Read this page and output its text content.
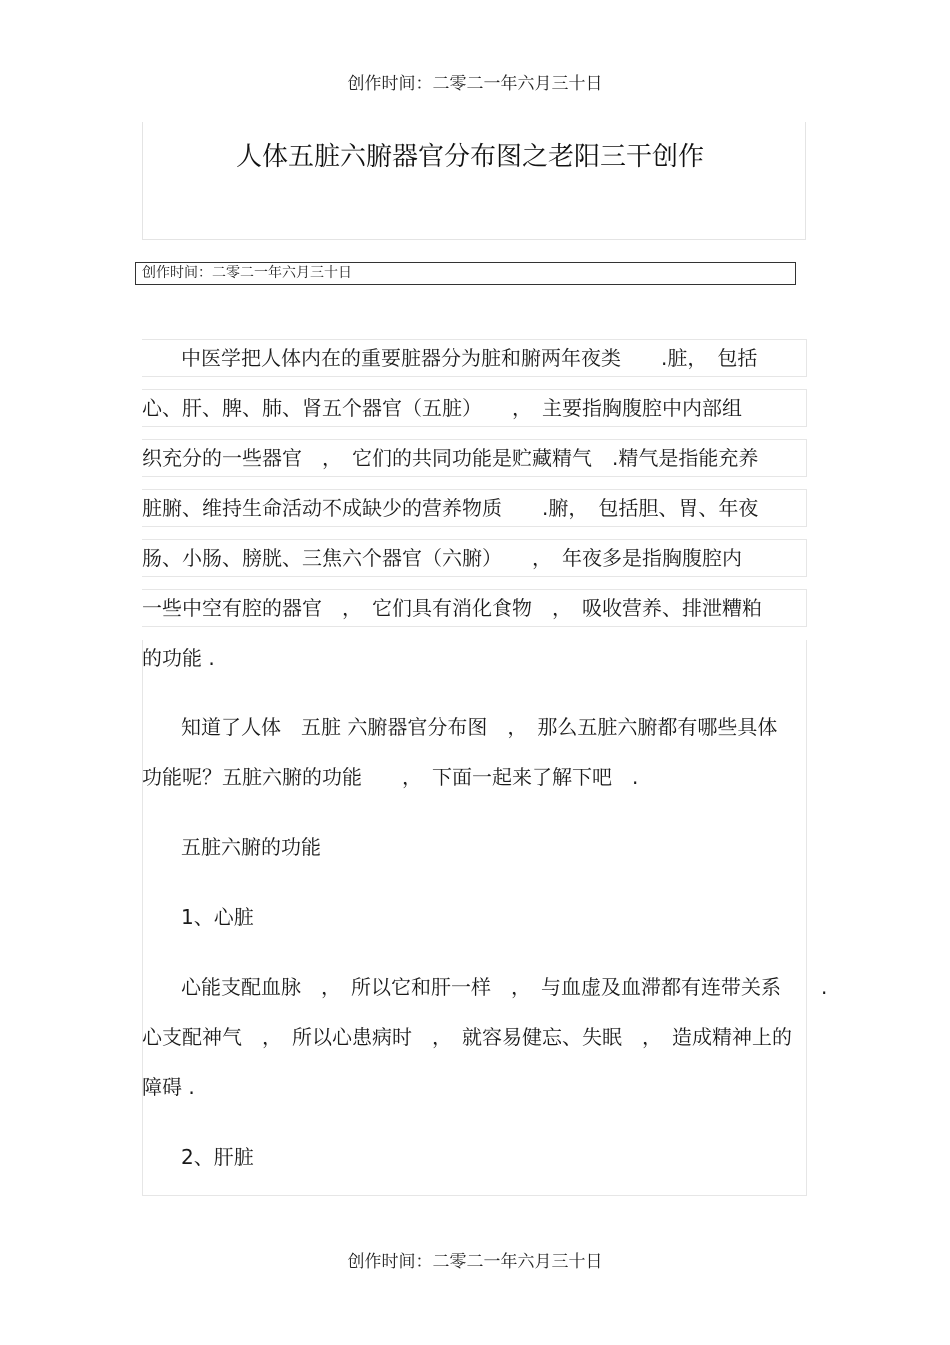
创作时间：二零二一年六月三十日
人体五脏六腑器官分布图之老阳三干创作
创作时间：二零二一年六月三十日
中医学把人体内在的重要脏器分为脏和腑两年夜类　　.脏，　包括
心、肝、脾、肺、肾五个器官（五脏）　　，　主要指胸腹腔中内部组
织充分的一些器官　，　它们的共同功能是贮藏精气　.精气是指能充养
脏腑、维持生命活动不成缺少的营养物质　　.腑，　包括胆、胃、年夜
肠、小肠、膀胱、三焦六个器官（六腑）　　，　年夜多是指胸腹腔内
一些中空有腔的器官　，　它们具有消化食物　，　吸收营养、排泄糟粕
的功能 .
知道了人体　五脏 六腑器官分布图　，　那么五脏六腑都有哪些具体
功能呢？五脏六腑的功能　　，　下面一起来了解下吧　.
五脏六腑的功能
1、心脏
心能支配血脉　，　所以它和肝一样　，　与血虚及血滞都有连带关系　　.
心支配神气　，　所以心患病时　，　就容易健忘、失眠　，　造成精神上的
障碍 .
2、肝脏
创作时间：二零二一年六月三十日
